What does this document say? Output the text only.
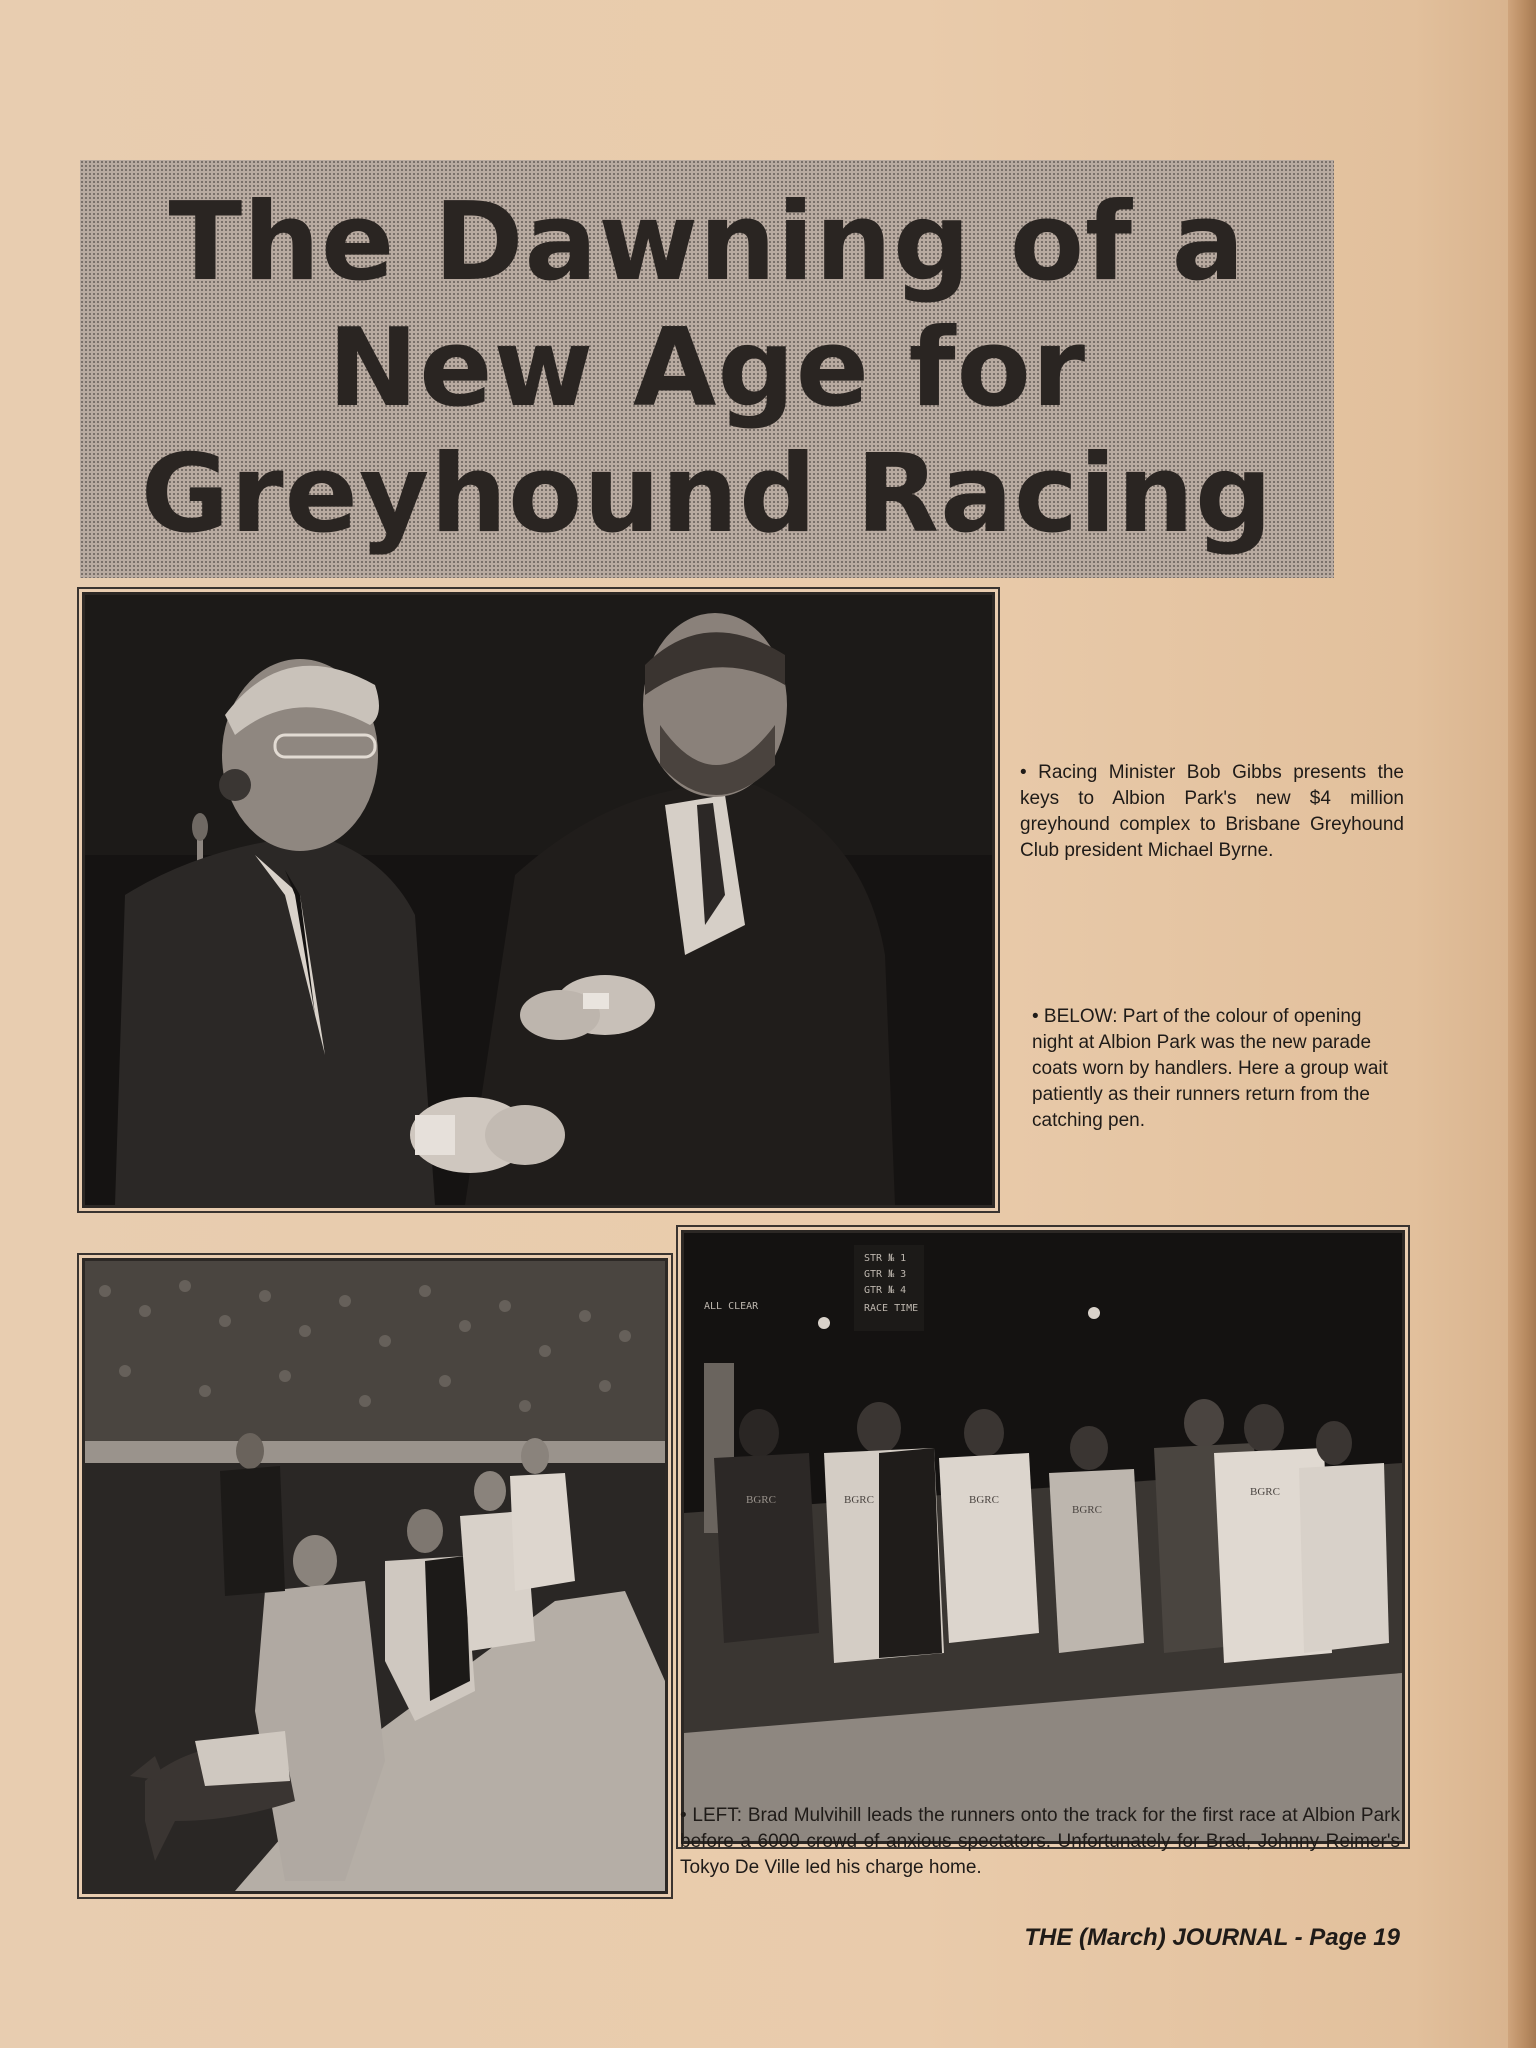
The Dawning of a
New Age for
Greyhound Racing
• Racing Minister Bob Gibbs presents the keys to Albion Park's new $4 million greyhound complex to Brisbane Greyhound Club president Michael Byrne.
• BELOW: Part of the colour of opening night at Albion Park was the new parade coats worn by handlers. Here a group wait patiently as their runners return from the catching pen.
STR № 1
GTR № 3
GTR № 4
RACE TIME
ALL CLEAR
BGRC	BGRC	BGRC
BGRC
BGRC
• LEFT: Brad Mulvihill leads the runners onto the track for the first race at Albion Park before a 6000 crowd of anxious spectators. Unfortunately for Brad, Johnny Reimer's Tokyo De Ville led his charge home.
THE (March) JOURNAL - Page 19
